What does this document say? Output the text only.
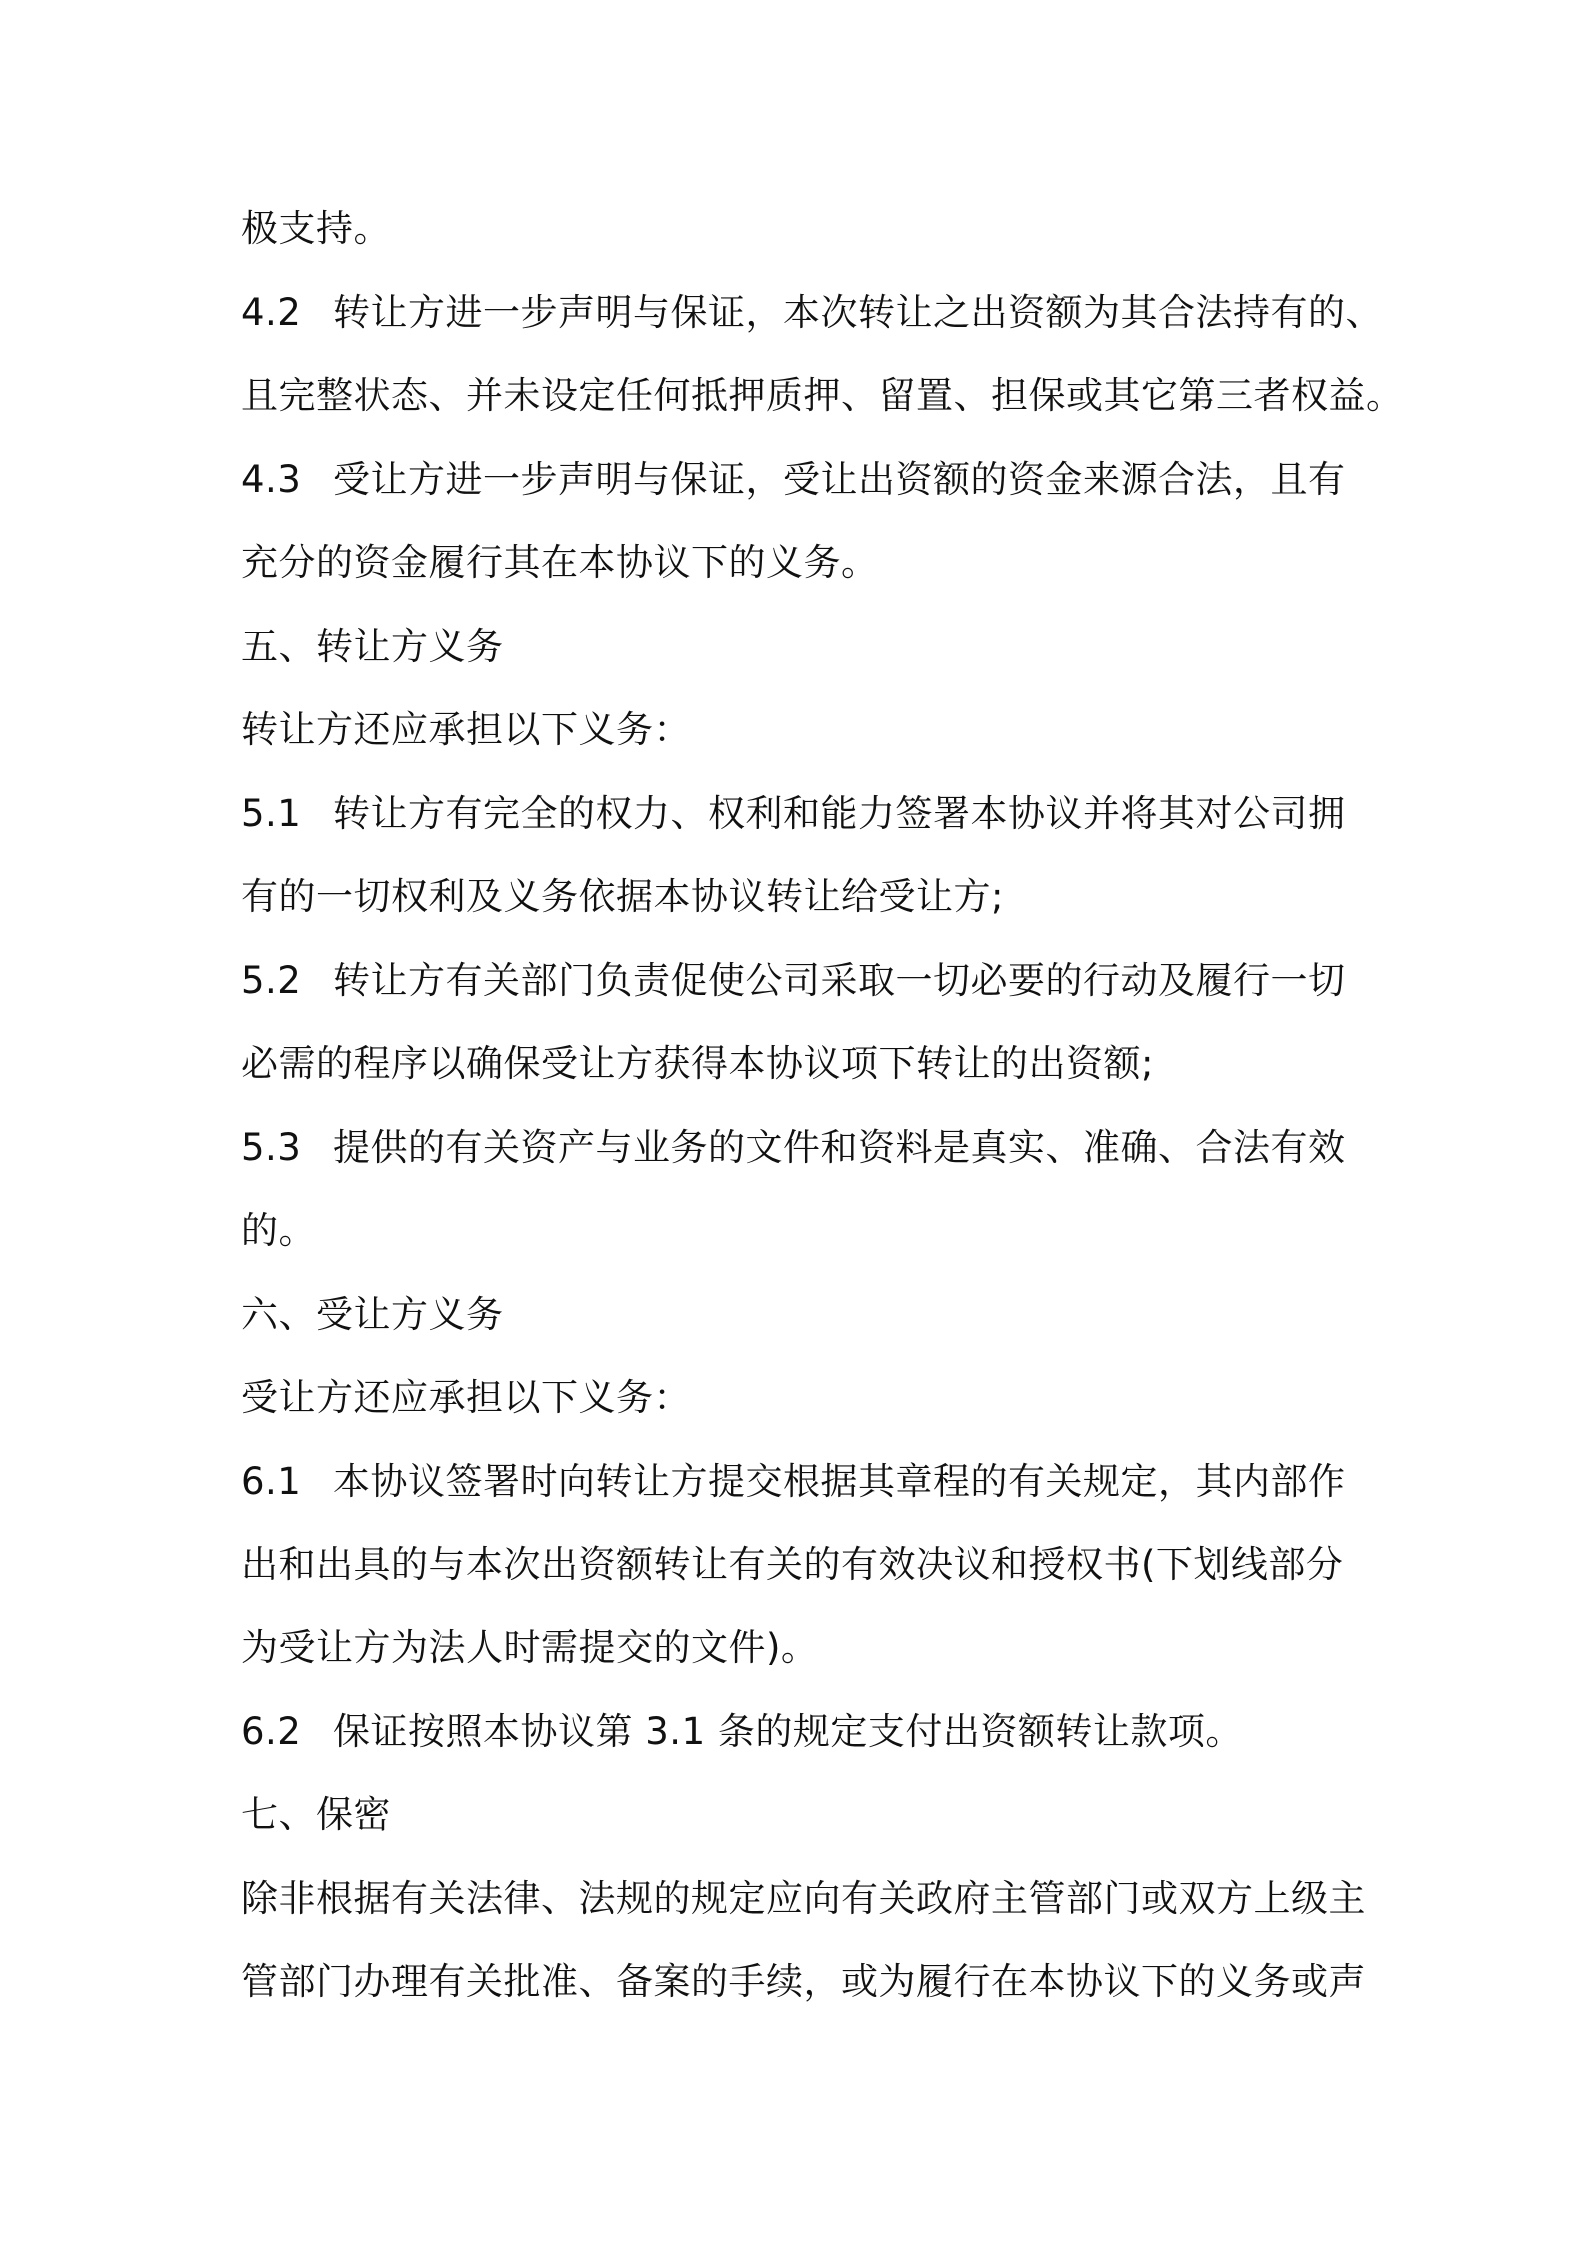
极支持。
4.2 转让方进一步声明与保证，本次转让之出资额为其合法持有的、
且完整状态、并未设定任何抵押质押、留置、担保或其它第三者权益。
4.3 受让方进一步声明与保证，受让出资额的资金来源合法，且有
充分的资金履行其在本协议下的义务。
五、转让方义务
转让方还应承担以下义务：
5.1 转让方有完全的权力、权利和能力签署本协议并将其对公司拥
有的一切权利及义务依据本协议转让给受让方;
5.2 转让方有关部门负责促使公司采取一切必要的行动及履行一切
必需的程序以确保受让方获得本协议项下转让的出资额;
5.3 提供的有关资产与业务的文件和资料是真实、准确、合法有效
的。
六、受让方义务
受让方还应承担以下义务：
6.1 本协议签署时向转让方提交根据其章程的有关规定，其内部作
出和出具的与本次出资额转让有关的有效决议和授权书(下划线部分
为受让方为法人时需提交的文件)。
6.2 保证按照本协议第 3.1 条的规定支付出资额转让款项。
七、保密
除非根据有关法律、法规的规定应向有关政府主管部门或双方上级主
管部门办理有关批准、备案的手续，或为履行在本协议下的义务或声
